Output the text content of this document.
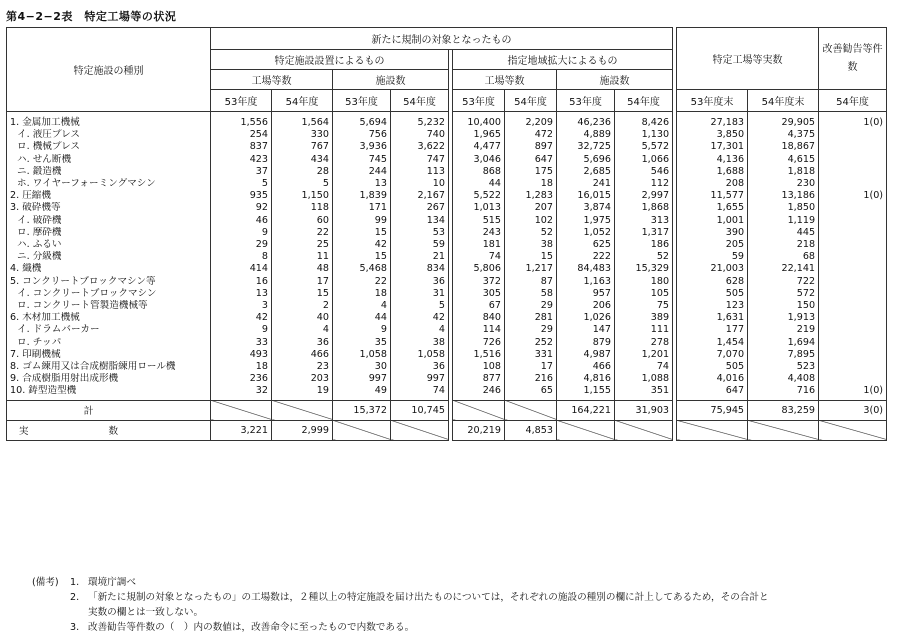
第4−2−2表　特定工場等の状況
特定施設の種別	新たに規制の対象となったもの										特定工場等実数		改善勧告等件数
	特定施設設置によるもの					指定地域拡大によるもの							
	工場等数		施設数			工場等数		施設数					
	53年度	54年度	53年度	54年度		53年度	54年度	53年度	54年度		53年度末	54年度末	54年度
1. 金属加工機械	1,556	1,564	5,694	5,232		10,400	2,209	46,236	8,426		27,183	29,905	1(0)
イ. 液圧プレス	254	330	756	740		1,965	472	4,889	1,130		3,850	4,375	
ロ. 機械プレス	837	767	3,936	3,622		4,477	897	32,725	5,572		17,301	18,867	
ハ. せん断機	423	434	745	747		3,046	647	5,696	1,066		4,136	4,615	
ニ. 鍛造機	37	28	244	113		868	175	2,685	546		1,688	1,818	
ホ. ワイヤーフォーミングマシン	5	5	13	10		44	18	241	112		208	230	
2. 圧縮機	935	1,150	1,839	2,167		5,522	1,283	16,015	2,997		11,577	13,186	1(0)
3. 破砕機等	92	118	171	267		1,013	207	3,874	1,868		1,655	1,850	
イ. 破砕機	46	60	99	134		515	102	1,975	313		1,001	1,119	
ロ. 摩砕機	9	22	15	53		243	52	1,052	1,317		390	445	
ハ. ふるい	29	25	42	59		181	38	625	186		205	218	
ニ. 分級機	8	11	15	21		74	15	222	52		59	68	
4. 織機	414	48	5,468	834		5,806	1,217	84,483	15,329		21,003	22,141	
5. コンクリートブロックマシン等	16	17	22	36		372	87	1,163	180		628	722	
イ. コンクリートブロックマシン	13	15	18	31		305	58	957	105		505	572	
ロ. コンクリート管製造機械等	3	2	4	5		67	29	206	75		123	150	
6. 木材加工機械	42	40	44	42		840	281	1,026	389		1,631	1,913	
イ. ドラムバーカー	9	4	9	4		114	29	147	111		177	219	
ロ. チッパ	33	36	35	38		726	252	879	278		1,454	1,694	
7. 印刷機械	493	466	1,058	1,058		1,516	331	4,987	1,201		7,070	7,895	
8. ゴム練用又は合成樹脂練用ロール機	18	23	30	36		108	17	466	74		505	523	
9. 合成樹脂用射出成形機	236	203	997	997		877	216	4,816	1,088		4,016	4,408	
10. 鋳型造型機	32	19	49	74		246	65	1,155	351		647	716	1(0)
計			15,372	10,745				164,221	31,903		75,945	83,259	3(0)
実数	3,221	2,999				20,219	4,853						
(備考) 1. 環境庁調べ
2. 「新たに規制の対象となったもの」の工場数は，２種以上の特定施設を届け出たものについては，それぞれの施設の種別の欄に計上してあるため，その合計と
実数の欄とは一致しない。
3. 改善勧告等件数の（　）内の数値は，改善命令に至ったもので内数である。
